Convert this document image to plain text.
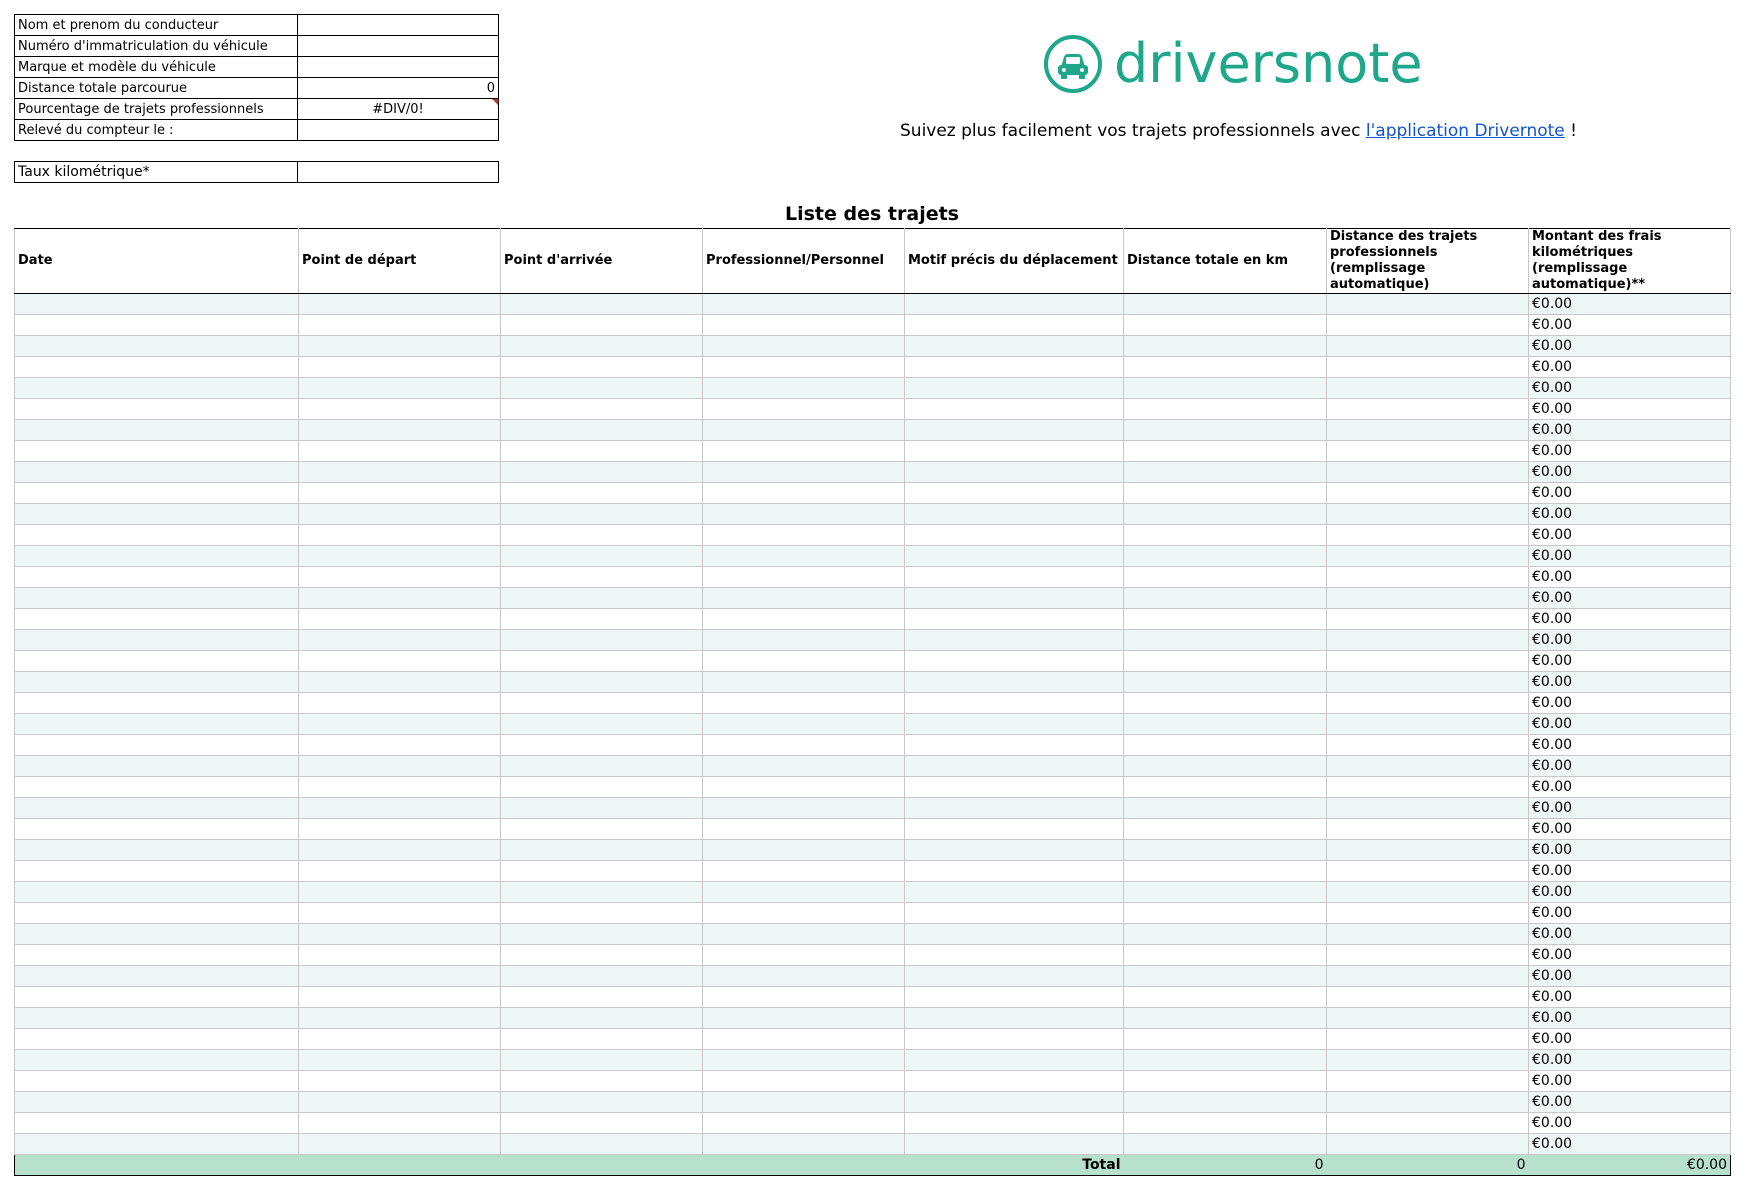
Nom et prenom du conducteur	
Numéro d'immatriculation du véhicule	
Marque et modèle du véhicule	
Distance totale parcourue	0
Pourcentage de trajets professionnels	#DIV/0!

Relevé du compteur le :	
Taux kilométrique*	
driversnote
Suivez plus facilement vos trajets professionnels avec l'application Drivernote !
Liste des trajets
Date	Point de départ	Point d'arrivée	Professionnel/Personnel	Motif précis du déplacement	Distance totale en km	Distance des trajets professionnels (remplissage automatique)	Montant des frais kilométriques (remplissage automatique)**
							€0.00
							€0.00
							€0.00
							€0.00
							€0.00
							€0.00
							€0.00
							€0.00
							€0.00
							€0.00
							€0.00
							€0.00
							€0.00
							€0.00
							€0.00
							€0.00
							€0.00
							€0.00
							€0.00
							€0.00
							€0.00
							€0.00
							€0.00
							€0.00
							€0.00
							€0.00
							€0.00
							€0.00
							€0.00
							€0.00
							€0.00
							€0.00
							€0.00
							€0.00
							€0.00
							€0.00
							€0.00
							€0.00
							€0.00
							€0.00
							€0.00
Total					0	0	€0.00
